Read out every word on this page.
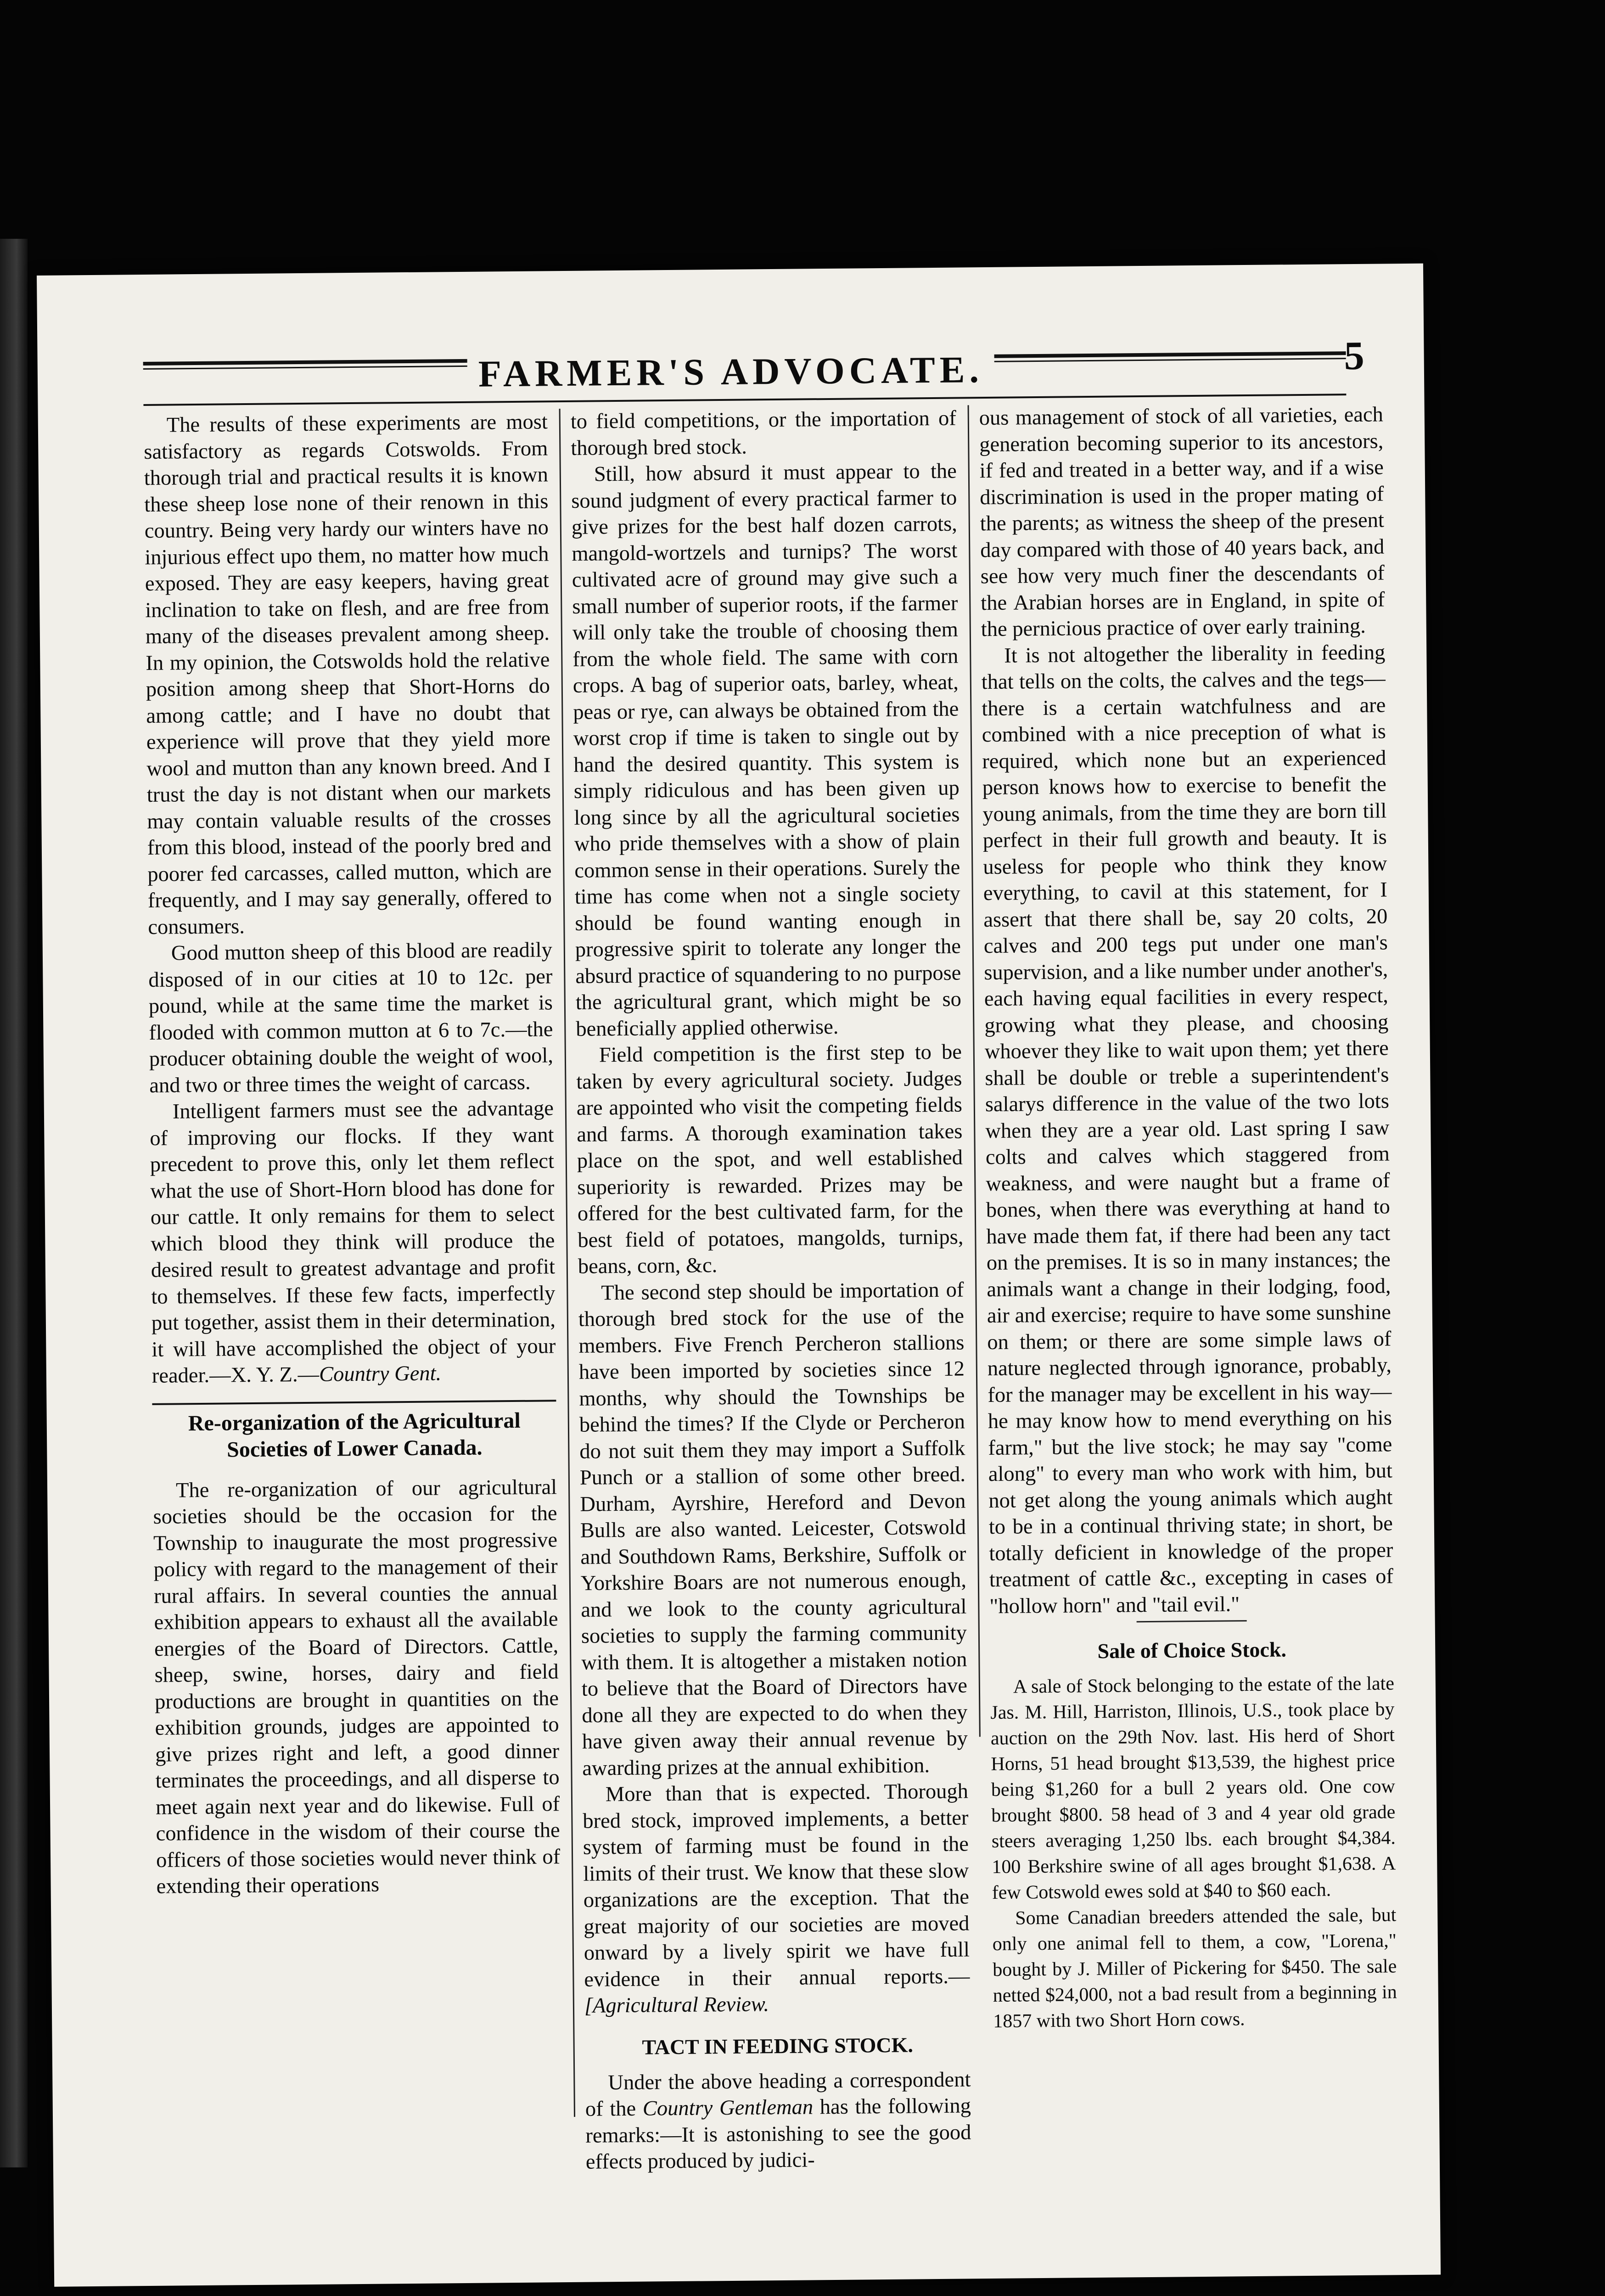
FARMER'S ADVOCATE.	5

The results of these experiments are most satisfactory as regards Cotswolds. From thorough trial and practical results it is known these sheep lose none of their renown in this country. Being very hardy our winters have no injurious effect upo them, no matter how much exposed. They are easy keepers, having great inclination to take on flesh, and are free from many of the diseases prevalent among sheep. In my opinion, the Cotswolds hold the relative position among sheep that Short-Horns do among cattle; and I have no doubt that experience will prove that they yield more wool and mutton than any known breed. And I trust the day is not distant when our markets may contain valuable results of the crosses from this blood, instead of the poorly bred and poorer fed carcasses, called mutton, which are frequently, and I may say generally, offered to consumers.

Good mutton sheep of this blood are readily disposed of in our cities at 10 to 12c. per pound, while at the same time the market is flooded with common mutton at 6 to 7c.—the producer obtaining double the weight of wool, and two or three times the weight of carcass.

Intelligent farmers must see the advantage of improving our flocks. If they want precedent to prove this, only let them reflect what the use of Short-Horn blood has done for our cattle. It only remains for them to select which blood they think will produce the desired result to greatest advantage and profit to themselves. If these few facts, imperfectly put together, assist them in their determination, it will have accomplished the object of your reader.—X. Y. Z.—Country Gent.

Re-organization of the Agricultural Societies of Lower Canada.

The re-organization of our agricultural societies should be the occasion for the Township to inaugurate the most progressive policy with regard to the management of their rural affairs. In several counties the annual exhibition appears to exhaust all the available energies of the Board of Directors. Cattle, sheep, swine, horses, dairy and field productions are brought in quantities on the exhibition grounds, judges are appointed to give prizes right and left, a good dinner terminates the proceedings, and all disperse to meet again next year and do likewise. Full of confidence in the wisdom of their course the officers of those societies would never think of extending their operations

to field competitions, or the importation of thorough bred stock.

Still, how absurd it must appear to the sound judgment of every practical farmer to give prizes for the best half dozen carrots, mangold-wortzels and turnips? The worst cultivated acre of ground may give such a small number of superior roots, if the farmer will only take the trouble of choosing them from the whole field. The same with corn crops. A bag of superior oats, barley, wheat, peas or rye, can always be obtained from the worst crop if time is taken to single out by hand the desired quantity. This system is simply ridiculous and has been given up long since by all the agricultural societies who pride themselves with a show of plain common sense in their operations. Surely the time has come when not a single society should be found wanting enough in progressive spirit to tolerate any longer the absurd practice of squandering to no purpose the agricultural grant, which might be so beneficially applied otherwise.

Field competition is the first step to be taken by every agricultural society. Judges are appointed who visit the competing fields and farms. A thorough examination takes place on the spot, and well established superiority is rewarded. Prizes may be offered for the best cultivated farm, for the best field of potatoes, mangolds, turnips, beans, corn, &c.

The second step should be importation of thorough bred stock for the use of the members. Five French Percheron stallions have been imported by societies since 12 months, why should the Townships be behind the times? If the Clyde or Percheron do not suit them they may import a Suffolk Punch or a stallion of some other breed. Durham, Ayrshire, Hereford and Devon Bulls are also wanted. Leicester, Cotswold and Southdown Rams, Berkshire, Suffolk or Yorkshire Boars are not numerous enough, and we look to the county agricultural societies to supply the farming community with them. It is altogether a mistaken notion to believe that the Board of Directors have done all they are expected to do when they have given away their annual revenue by awarding prizes at the annual exhibition.

More than that is expected. Thorough bred stock, improved implements, a better system of farming must be found in the limits of their trust. We know that these slow organizations are the exception. That the great majority of our societies are moved onward by a lively spirit we have full evidence in their annual reports.—[Agricultural Review.

TACT IN FEEDING STOCK.

Under the above heading a correspondent of the Country Gentleman has the following remarks:—It is astonishing to see the good effects produced by judici-

ous management of stock of all varieties, each generation becoming superior to its ancestors, if fed and treated in a better way, and if a wise discrimination is used in the proper mating of the parents; as witness the sheep of the present day compared with those of 40 years back, and see how very much finer the descendants of the Arabian horses are in England, in spite of the pernicious practice of over early training.

It is not altogether the liberality in feeding that tells on the colts, the calves and the tegs—there is a certain watchfulness and are combined with a nice preception of what is required, which none but an experienced person knows how to exercise to benefit the young animals, from the time they are born till perfect in their full growth and beauty. It is useless for people who think they know everything, to cavil at this statement, for I assert that there shall be, say 20 colts, 20 calves and 200 tegs put under one man's supervision, and a like number under another's, each having equal facilities in every respect, growing what they please, and choosing whoever they like to wait upon them; yet there shall be double or treble a superintendent's salarys difference in the value of the two lots when they are a year old. Last spring I saw colts and calves which staggered from weakness, and were naught but a frame of bones, when there was everything at hand to have made them fat, if there had been any tact on the premises. It is so in many instances; the animals want a change in their lodging, food, air and exercise; require to have some sunshine on them; or there are some simple laws of nature neglected through ignorance, probably, for the manager may be excellent in his way—he may know how to mend everything on his farm," but the live stock; he may say "come along" to every man who work with him, but not get along the young animals which aught to be in a continual thriving state; in short, be totally deficient in knowledge of the proper treatment of cattle &c., excepting in cases of "hollow horn" and "tail evil."

Sale of Choice Stock.

A sale of Stock belonging to the estate of the late Jas. M. Hill, Harriston, Illinois, U.S., took place by auction on the 29th Nov. last. His herd of Short Horns, 51 head brought $13,539, the highest price being $1,260 for a bull 2 years old. One cow brought $800. 58 head of 3 and 4 year old grade steers averaging 1,250 lbs. each brought $4,384. 100 Berkshire swine of all ages brought $1,638. A few Cotswold ewes sold at $40 to $60 each.

Some Canadian breeders attended the sale, but only one animal fell to them, a cow, "Lorena," bought by J. Miller of Pickering for $450. The sale netted $24,000, not a bad result from a beginning in 1857 with two Short Horn cows.
